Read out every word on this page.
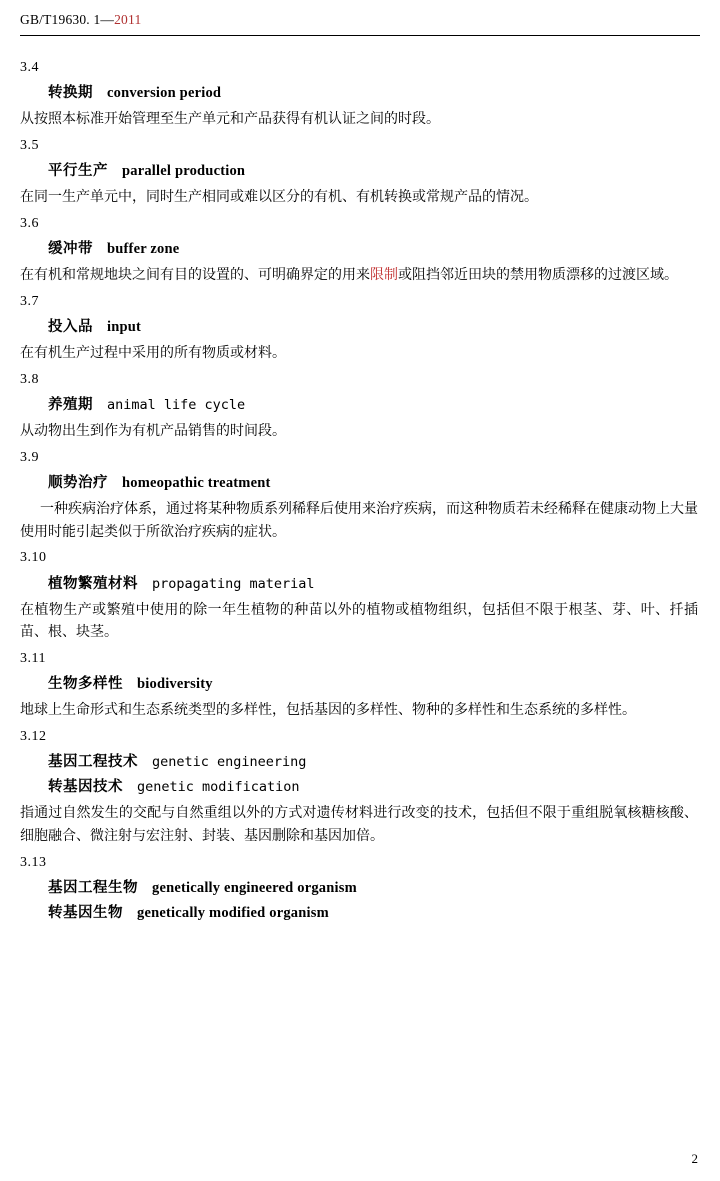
GB/T19630. 1—2011
3.4
转换期 conversion period
从按照本标准开始管理至生产单元和产品获得有机认证之间的时段。
3.5
平行生产 parallel production
在同一生产单元中，同时生产相同或难以区分的有机、有机转换或常规产品的情况。
3.6
缓冲带 buffer zone
在有机和常规地块之间有目的设置的、可明确界定的用来限制或阻挡邻近田块的禁用物质漂移的过渡区域。
3.7
投入品 input
在有机生产过程中采用的所有物质或材料。
3.8
养殖期 animal life cycle
从动物出生到作为有机产品销售的时间段。
3.9
顺势治疗 homeopathic treatment
一种疾病治疗体系，通过将某种物质系列稀释后使用来治疗疾病，而这种物质若未经稀释在健康动物上大量使用时能引起类似于所欲治疗疾病的症状。
3.10
植物繁殖材料 propagating material
在植物生产或繁殖中使用的除一年生植物的种苗以外的植物或植物组织，包括但不限于根茎、芽、叶、扦插苗、根、块茎。
3.11
生物多样性 biodiversity
地球上生命形式和生态系统类型的多样性，包括基因的多样性、物种的多样性和生态系统的多样性。
3.12
基因工程技术 genetic engineering
转基因技术 genetic modification
指通过自然发生的交配与自然重组以外的方式对遗传材料进行改变的技术，包括但不限于重组脱氧核糖核酸、细胞融合、微注射与宏注射、封装、基因删除和基因加倍。
3.13
基因工程生物 genetically engineered organism
转基因生物 genetically modified organism
2
